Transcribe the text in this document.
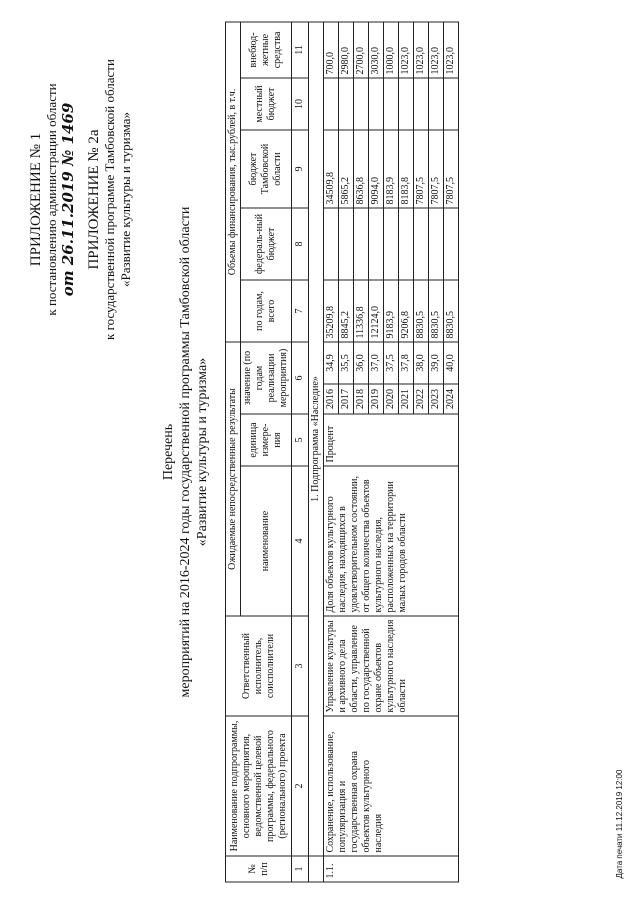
ПРИЛОЖЕНИЕ № 1 к постановлению администрации области от 26.11.2019 № 1469 ПРИЛОЖЕНИЕ № 2а к государственной программе Тамбовской области «Развитие культуры и туризма»
Перечень мероприятий на 2016-2024 годы государственной программы Тамбовской области «Развитие культуры и туризма»
№ п/п	Наименование подпрограммы, основного мероприятия, ведомственной целевой программы, федерального (регионального) проекта	Ответственный исполнитель, соисполнители	Ожидаемые непосредственные результаты				Объемы финансирования, тыс.рублей, в т.ч.				
			наименование	единица измере-ния	значение (по годам реализации мероприятия)		по годам, всего	федераль-ный бюджет	бюджет Тамбовской области	местный бюджет	внебюд-жетные средства
1	2	3	4	5	6		7	8	9	10	11
	1. Подпрограмма «Наследие»										
1.1.	Сохранение, использование, популяризация и государственная охрана объектов культурного наследия	Управление культуры и архивного дела области, управление по государственной охране объектов культурного наследия области	Доля объектов культурного наследия, находящихся в удовлетворительном состоянии, от общего количества объектов культурного наследия, расположенных на территории малых городов области	Процент	2016	34,9	35209,8		34509,8		700,0
					2017	35,5	8845,2		5865,2		2980,0
					2018	36,0	11336,8		8636,8		2700,0
					2019	37,0	12124,0		9094,0		3030,0
					2020	37,5	9183,9		8183,9		1000,0
					2021	37,8	9206,8		8183,8		1023,0
					2022	38,0	8830,5		7807,5		1023,0
					2023	39,0	8830,5		7807,5		1023,0
					2024	40,0	8830,5		7807,5		1023,0
Дата печати 11.12.2019 12:00
